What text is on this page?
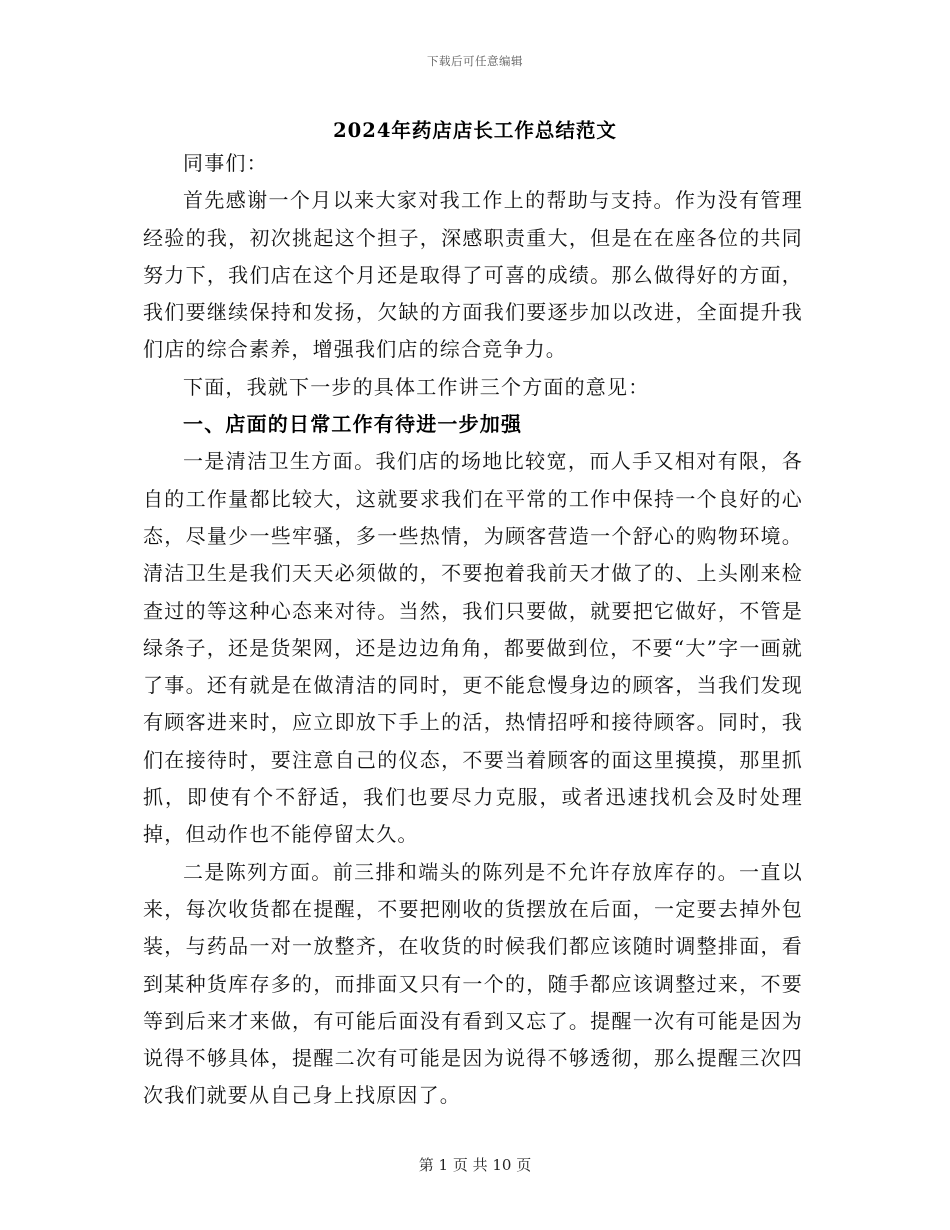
下载后可任意编辑
2024年药店店长工作总结范文

同事们：

首先感谢一个月以来大家对我工作上的帮助与支持。作为没有管理经验的我，初次挑起这个担子，深感职责重大，但是在在座各位的共同努力下，我们店在这个月还是取得了可喜的成绩。那么做得好的方面，我们要继续保持和发扬，欠缺的方面我们要逐步加以改进，全面提升我们店的综合素养，增强我们店的综合竞争力。

下面，我就下一步的具体工作讲三个方面的意见：

一、店面的日常工作有待进一步加强

一是清洁卫生方面。我们店的场地比较宽，而人手又相对有限，各自的工作量都比较大，这就要求我们在平常的工作中保持一个良好的心态，尽量少一些牢骚，多一些热情，为顾客营造一个舒心的购物环境。清洁卫生是我们天天必须做的，不要抱着我前天才做了的、上头刚来检查过的等这种心态来对待。当然，我们只要做，就要把它做好，不管是绿条子，还是货架网，还是边边角角，都要做到位，不要“大”字一画就了事。还有就是在做清洁的同时，更不能怠慢身边的顾客，当我们发现有顾客进来时，应立即放下手上的活，热情招呼和接待顾客。同时，我们在接待时，要注意自己的仪态，不要当着顾客的面这里摸摸，那里抓抓，即使有个不舒适，我们也要尽力克服，或者迅速找机会及时处理掉，但动作也不能停留太久。

二是陈列方面。前三排和端头的陈列是不允许存放库存的。一直以来，每次收货都在提醒，不要把刚收的货摆放在后面，一定要去掉外包装，与药品一对一放整齐，在收货的时候我们都应该随时调整排面，看到某种货库存多的，而排面又只有一个的，随手都应该调整过来，不要等到后来才来做，有可能后面没有看到又忘了。提醒一次有可能是因为说得不够具体，提醒二次有可能是因为说得不够透彻，那么提醒三次四次我们就要从自己身上找原因了。

第 1 页 共 10 页
